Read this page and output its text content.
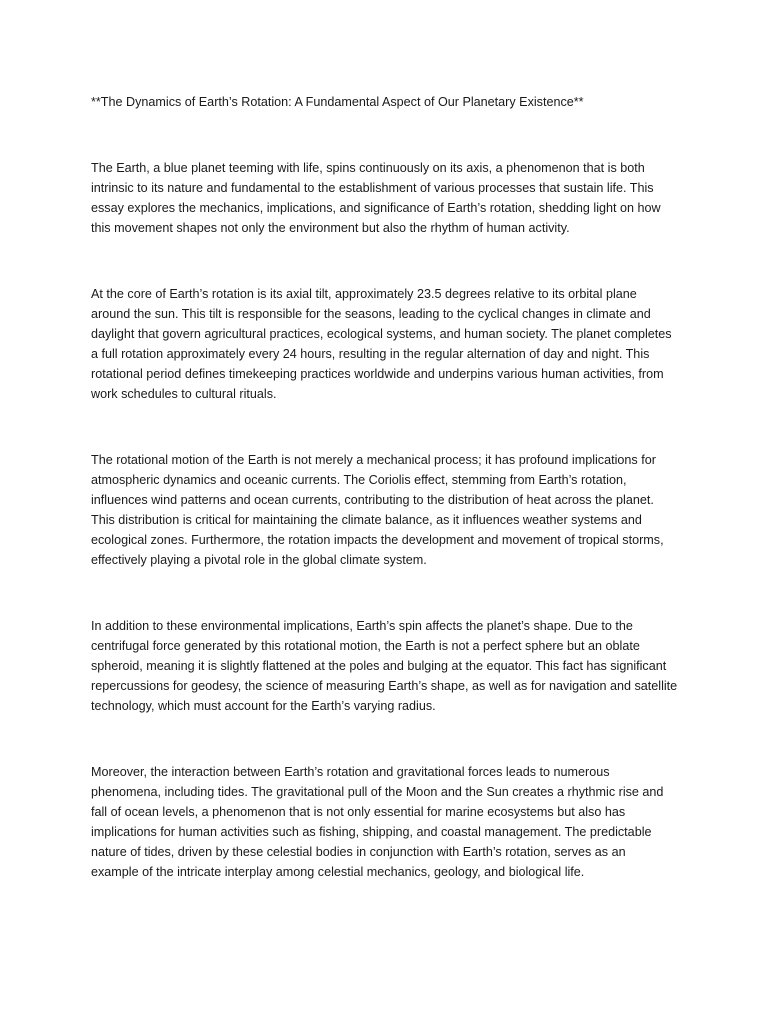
**The Dynamics of Earth’s Rotation: A Fundamental Aspect of Our Planetary Existence**
The Earth, a blue planet teeming with life, spins continuously on its axis, a phenomenon that is both
intrinsic to its nature and fundamental to the establishment of various processes that sustain life. This
essay explores the mechanics, implications, and significance of Earth’s rotation, shedding light on how
this movement shapes not only the environment but also the rhythm of human activity.
At the core of Earth’s rotation is its axial tilt, approximately 23.5 degrees relative to its orbital plane
around the sun. This tilt is responsible for the seasons, leading to the cyclical changes in climate and
daylight that govern agricultural practices, ecological systems, and human society. The planet completes
a full rotation approximately every 24 hours, resulting in the regular alternation of day and night. This
rotational period defines timekeeping practices worldwide and underpins various human activities, from
work schedules to cultural rituals.
The rotational motion of the Earth is not merely a mechanical process; it has profound implications for
atmospheric dynamics and oceanic currents. The Coriolis effect, stemming from Earth’s rotation,
influences wind patterns and ocean currents, contributing to the distribution of heat across the planet.
This distribution is critical for maintaining the climate balance, as it influences weather systems and
ecological zones. Furthermore, the rotation impacts the development and movement of tropical storms,
effectively playing a pivotal role in the global climate system.
In addition to these environmental implications, Earth’s spin affects the planet’s shape. Due to the
centrifugal force generated by this rotational motion, the Earth is not a perfect sphere but an oblate
spheroid, meaning it is slightly flattened at the poles and bulging at the equator. This fact has significant
repercussions for geodesy, the science of measuring Earth’s shape, as well as for navigation and satellite
technology, which must account for the Earth’s varying radius.
Moreover, the interaction between Earth’s rotation and gravitational forces leads to numerous
phenomena, including tides. The gravitational pull of the Moon and the Sun creates a rhythmic rise and
fall of ocean levels, a phenomenon that is not only essential for marine ecosystems but also has
implications for human activities such as fishing, shipping, and coastal management. The predictable
nature of tides, driven by these celestial bodies in conjunction with Earth’s rotation, serves as an
example of the intricate interplay among celestial mechanics, geology, and biological life.
